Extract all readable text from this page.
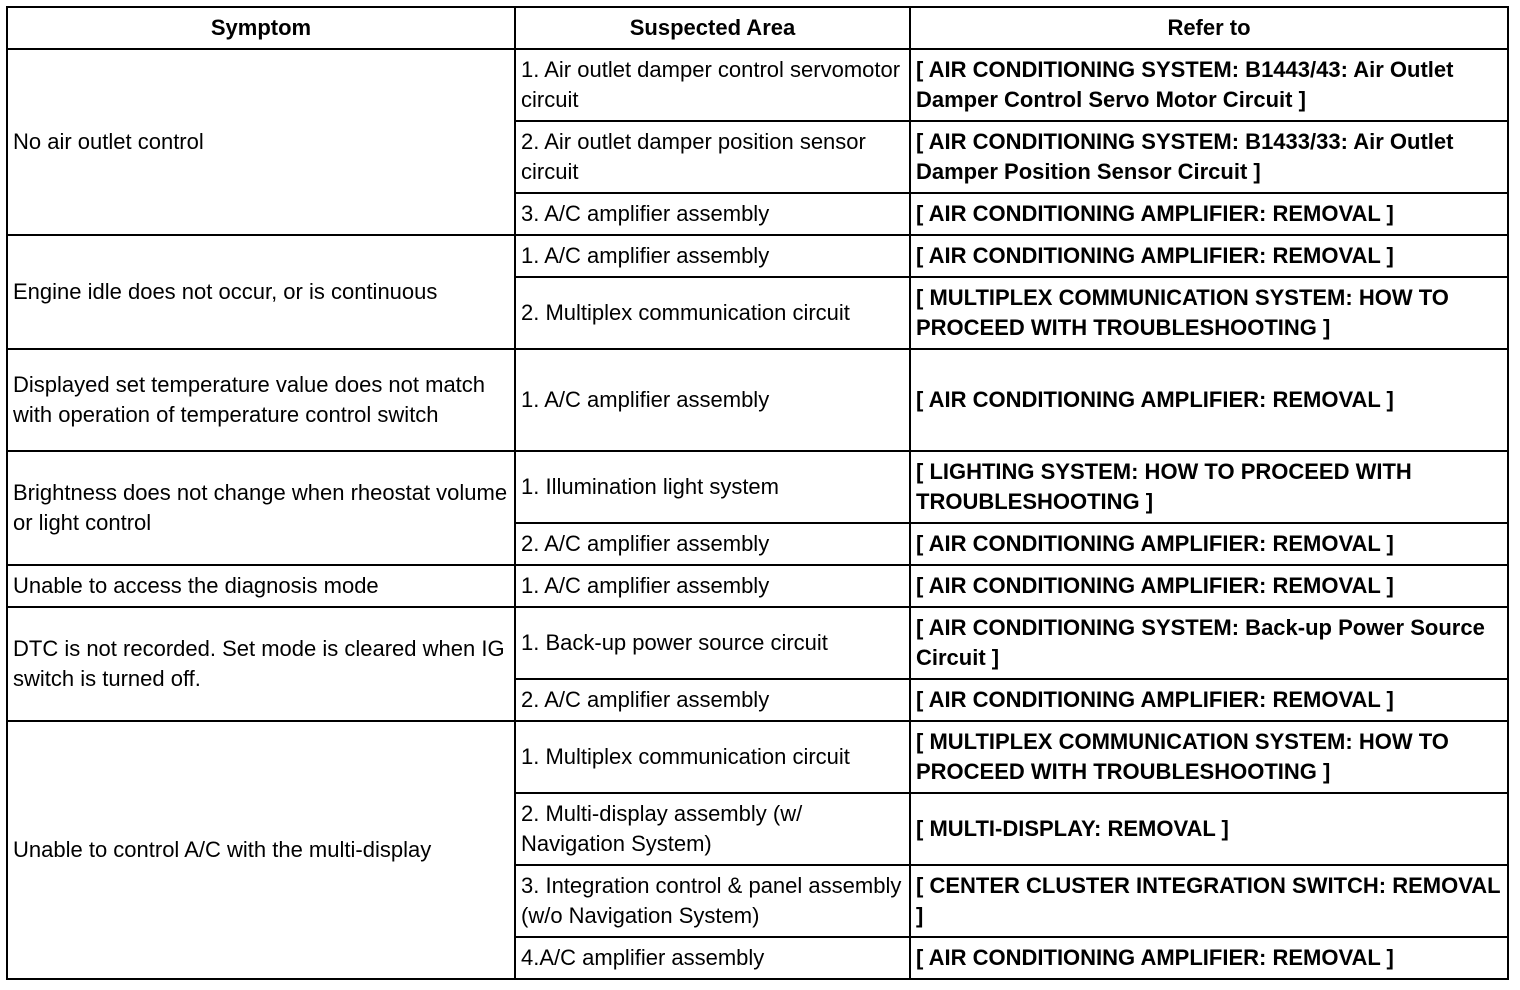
Symptom	Suspected Area	Refer to
No air outlet control	1. Air outlet damper control servomotor circuit	[ AIR CONDITIONING SYSTEM: B1443/43: Air Outlet Damper Control Servo Motor Circuit ]
	2. Air outlet damper position sensor circuit	[ AIR CONDITIONING SYSTEM: B1433/33: Air Outlet Damper Position Sensor Circuit ]
	3. A/C amplifier assembly	[ AIR CONDITIONING AMPLIFIER: REMOVAL ]
Engine idle does not occur, or is continuous	1. A/C amplifier assembly	[ AIR CONDITIONING AMPLIFIER: REMOVAL ]
	2. Multiplex communication circuit	[ MULTIPLEX COMMUNICATION SYSTEM: HOW TO PROCEED WITH TROUBLESHOOTING ]
Displayed set temperature value does not match with operation of temperature control switch	1. A/C amplifier assembly	[ AIR CONDITIONING AMPLIFIER: REMOVAL ]
Brightness does not change when rheostat volume or light control	1. Illumination light system	[ LIGHTING SYSTEM: HOW TO PROCEED WITH TROUBLESHOOTING ]
	2. A/C amplifier assembly	[ AIR CONDITIONING AMPLIFIER: REMOVAL ]
Unable to access the diagnosis mode	1. A/C amplifier assembly	[ AIR CONDITIONING AMPLIFIER: REMOVAL ]
DTC is not recorded. Set mode is cleared when IG switch is turned off.	1. Back-up power source circuit	[ AIR CONDITIONING SYSTEM: Back-up Power Source Circuit ]
	2. A/C amplifier assembly	[ AIR CONDITIONING AMPLIFIER: REMOVAL ]
Unable to control A/C with the multi-display	1. Multiplex communication circuit	[ MULTIPLEX COMMUNICATION SYSTEM: HOW TO PROCEED WITH TROUBLESHOOTING ]
	2. Multi-display assembly (w/ Navigation System)	[ MULTI-DISPLAY: REMOVAL ]
	3. Integration control & panel assembly (w/o Navigation System)	[ CENTER CLUSTER INTEGRATION SWITCH: REMOVAL ]
	4.A/C amplifier assembly	[ AIR CONDITIONING AMPLIFIER: REMOVAL ]
